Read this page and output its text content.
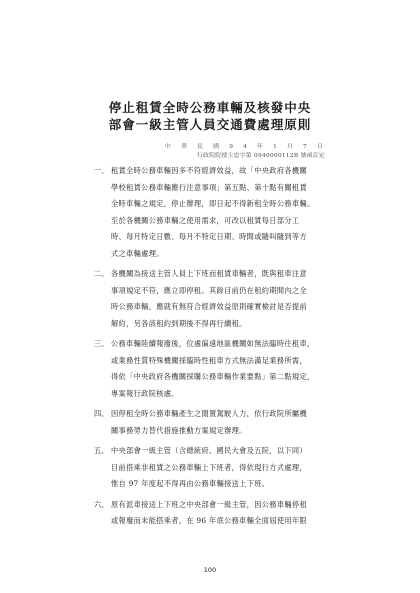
停止租賃全時公務車輛及核發中央
部會一級主管人員交通費處理原則
中 華 民 國 9 4 年 1 月 7 日
行政院院授主忠字第 0940000112B 號函訂定
一、 租賃全時公務車輛因多不符經濟效益，故「中央政府各機關
學校租賃公務車輛應行注意事項」第五點、第十點有關租賃
全時車輛之規定，停止辦理，即日起不得新租全時公務車輛。
至於各機關公務車輛之使用需求，可改以租賃每日部分工
時、每月特定日數、每月不特定日期、時間或隨叫隨到等方
式之車輛處理。
二、 各機關為接送主管人員上下班而租賃車輛者，既與租車注意
事項規定不符，應立即停租。其餘目前仍在租約期間內之全
時公務車輛，應就有無符合經濟效益原則確實檢討是否提前
解約，另各該租約到期後不得再行續租。
三、 公務車輛陸續報廢後，位處偏遠地區機關如無法臨時往租車，
或業務性質特殊機關採臨時性租車方式無法滿足業務所需，
得依「中央政府各機關採購公務車輛作業要點」第二點規定，
專案報行政院核處。
四、 因停租全時公務車輛產生之閒置駕駛人力，依行政院所屬機
關事務勞力替代措施推動方案規定辦理。
五、 中央部會一級主管（含總統府、國民大會及五院，以下同）
目前搭乘非租賃之公務車輛上下班者，得依現行方式處理，
惟自 97 年度起不得再由公務車輛接送上下班。
六、 原有派車接送上下班之中央部會一級主管，因公務車輛停租
或報廢而未能搭乘者，在 96 年底公務車輛全面屆使用年限
100
